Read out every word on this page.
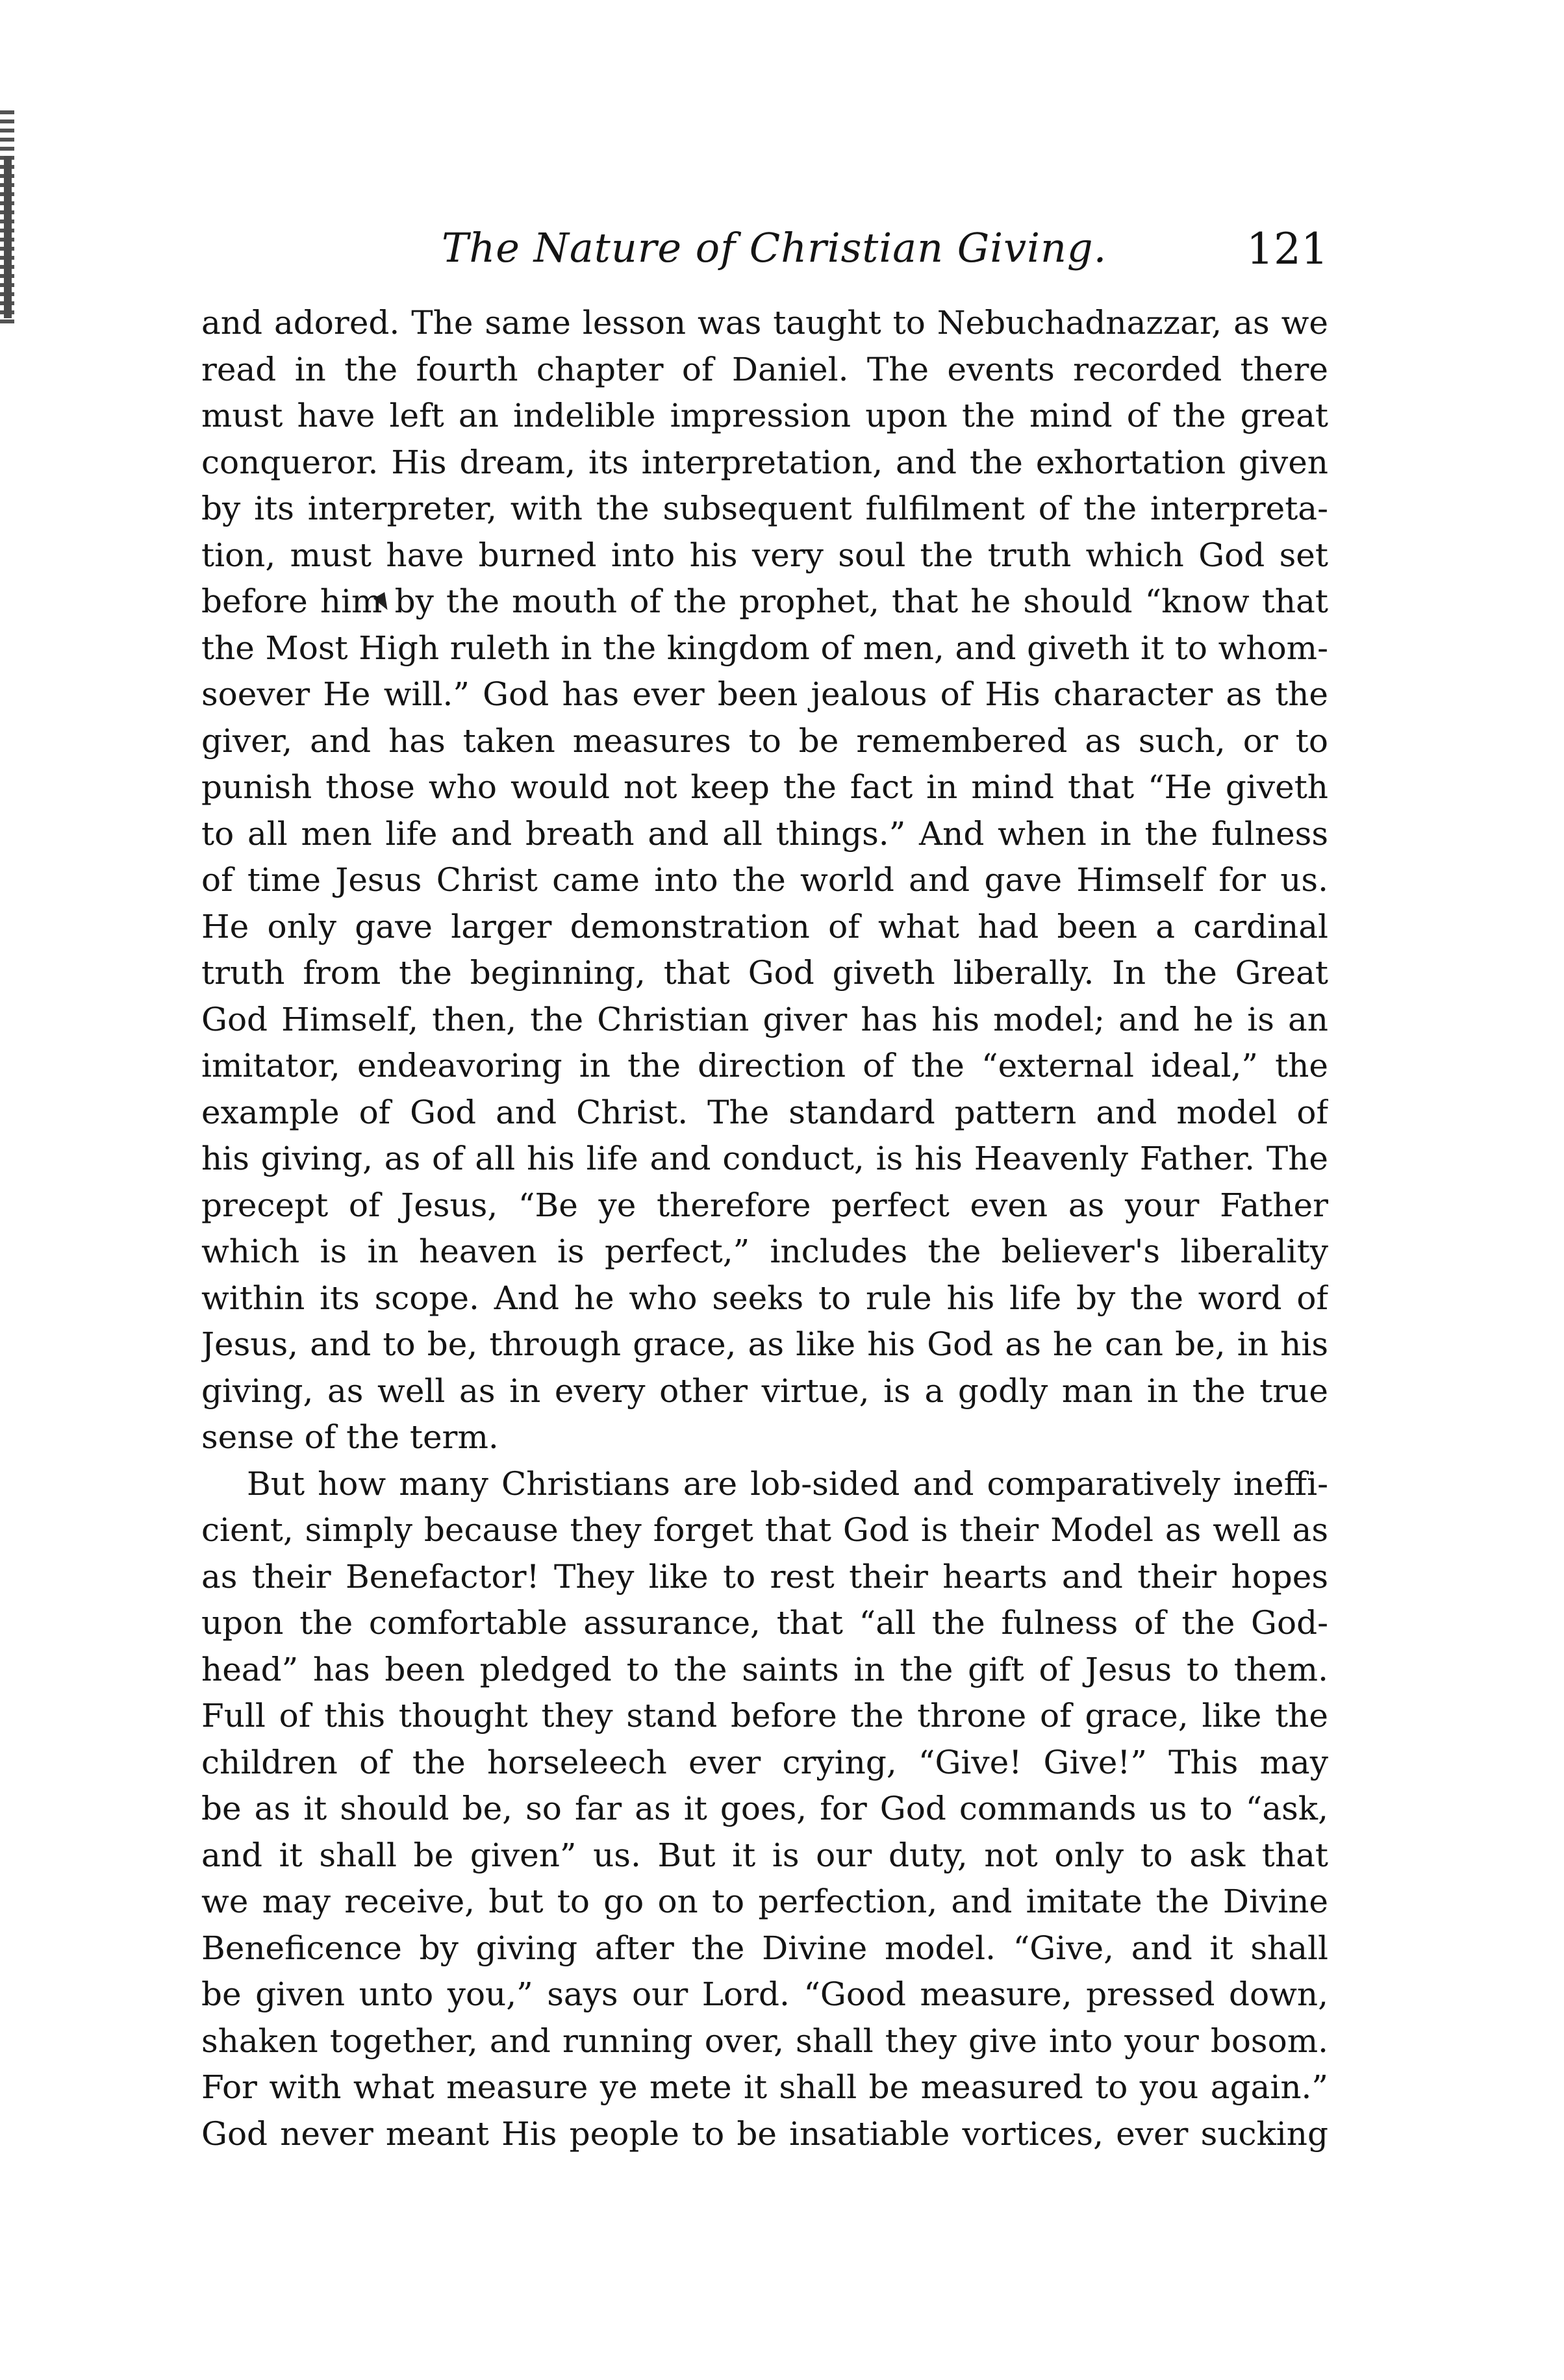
The Nature of Christian Giving.	121
and adored. The same lesson was taught to Nebuchadnazzar, as we
read in the fourth chapter of Daniel. The events recorded there
must have left an indelible impression upon the mind of the great
conqueror. His dream, its interpretation, and the exhortation given
by its interpreter, with the subsequent fulfilment of the interpreta-
tion, must have burned into his very soul the truth which God set
before him by the mouth of the prophet, that he should “know that
the Most High ruleth in the kingdom of men, and giveth it to whom-
soever He will.” God has ever been jealous of His character as the
giver, and has taken measures to be remembered as such, or to
punish those who would not keep the fact in mind that “He giveth
to all men life and breath and all things.” And when in the fulness
of time Jesus Christ came into the world and gave Himself for us.
He only gave larger demonstration of what had been a cardinal
truth from the beginning, that God giveth liberally. In the Great
God Himself, then, the Christian giver has his model; and he is an
imitator, endeavoring in the direction of the “external ideal,” the
example of God and Christ. The standard pattern and model of
his giving, as of all his life and conduct, is his Heavenly Father. The
precept of Jesus, “Be ye therefore perfect even as your Father
which is in heaven is perfect,” includes the believer's liberality
within its scope. And he who seeks to rule his life by the word of
Jesus, and to be, through grace, as like his God as he can be, in his
giving, as well as in every other virtue, is a godly man in the true
sense of the term.
But how many Christians are lob-sided and comparatively ineffi-
cient, simply because they forget that God is their Model as well as
as their Benefactor! They like to rest their hearts and their hopes
upon the comfortable assurance, that “all the fulness of the God-
head” has been pledged to the saints in the gift of Jesus to them.
Full of this thought they stand before the throne of grace, like the
children of the horseleech ever crying, “Give! Give!” This may
be as it should be, so far as it goes, for God commands us to “ask,
and it shall be given” us. But it is our duty, not only to ask that
we may receive, but to go on to perfection, and imitate the Divine
Beneficence by giving after the Divine model. “Give, and it shall
be given unto you,” says our Lord. “Good measure, pressed down,
shaken together, and running over, shall they give into your bosom.
For with what measure ye mete it shall be measured to you again.”
God never meant His people to be insatiable vortices, ever sucking
